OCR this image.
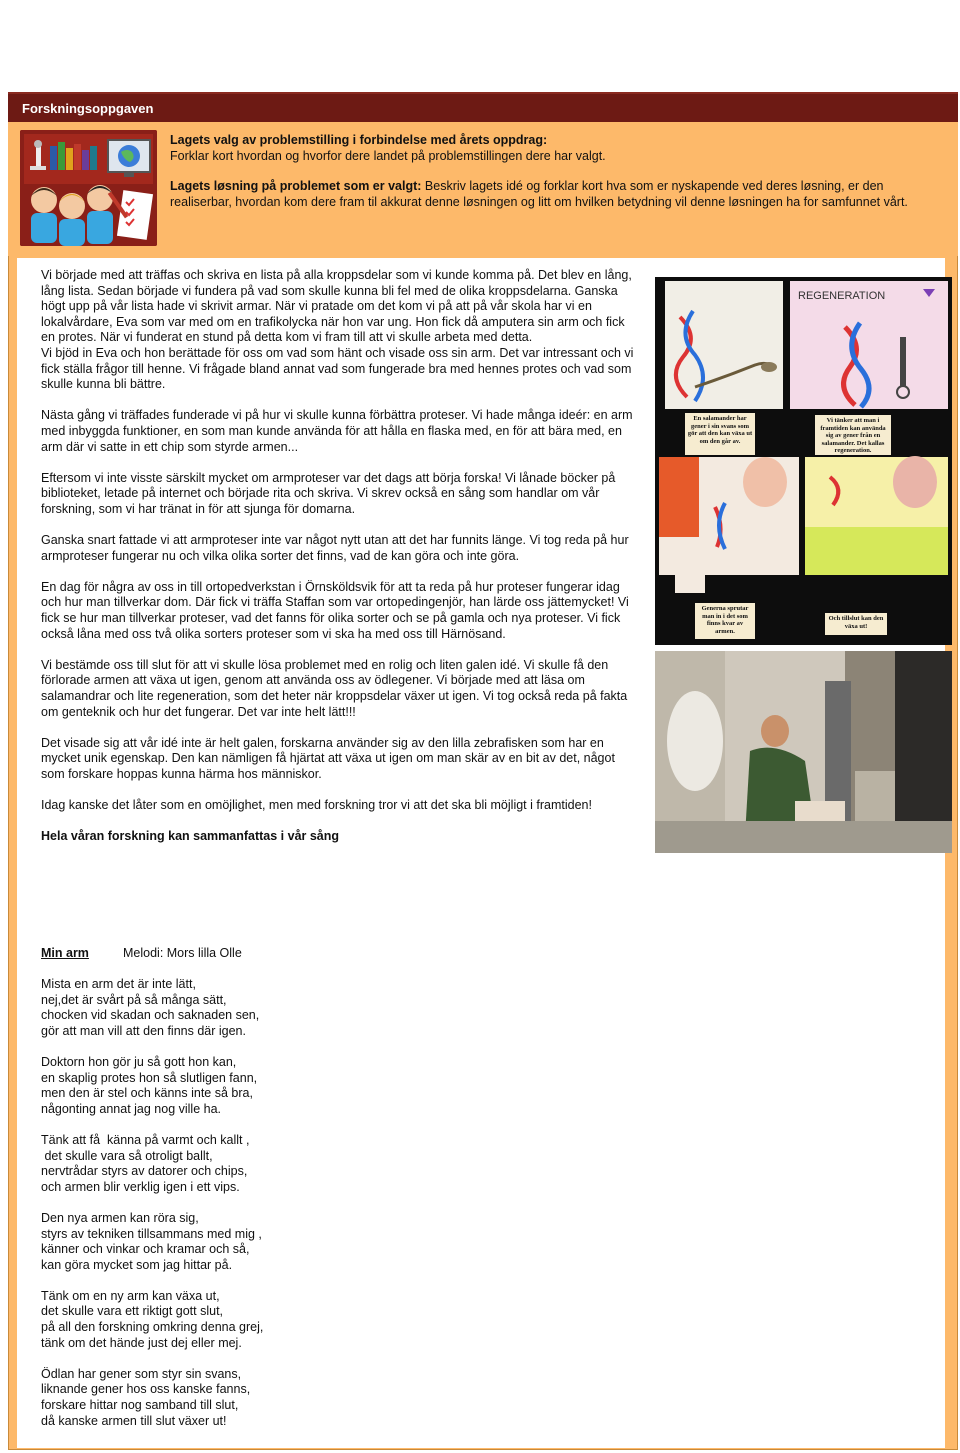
Forskningsoppgaven

Lagets valg av problemstilling i forbindelse med årets oppdrag:

Forklar kort hvordan og hvorfor dere landet på problemstillingen dere har valgt.

Lagets løsning på problemet som er valgt: Beskriv lagets idé og forklar kort hva som er nyskapende ved deres løsning, er den realiserbar, hvordan kom dere fram til akkurat denne løsningen og litt om hvilken betydning vil denne løsningen ha for samfunnet vårt.

Vi började med att träffas och skriva en lista på alla kroppsdelar som vi kunde komma på. Det blev en lång, lång lista. Sedan började vi fundera på vad som skulle kunna bli fel med de olika kroppsdelarna. Ganska högt upp på vår lista hade vi skrivit armar. När vi pratade om det kom vi på att på vår skola har vi en lokalvårdare, Eva som var med om en trafikolycka när hon var ung. Hon fick då amputera sin arm och fick en protes. När vi funderat en stund på detta kom vi fram till att vi skulle arbeta med detta.

Vi bjöd in Eva och hon berättade för oss om vad som hänt och visade oss sin arm. Det var intressant och vi fick ställa frågor till henne. Vi frågade bland annat vad som fungerade bra med hennes protes och vad som skulle kunna bli bättre.

Nästa gång vi träffades funderade vi på hur vi skulle kunna förbättra proteser. Vi hade många ideér: en arm med inbyggda funktioner, en som man kunde använda för att hålla en flaska med, en för att bära med, en arm där vi satte in ett chip som styrde armen...

Eftersom vi inte visste särskilt mycket om armproteser var det dags att börja forska! Vi lånade böcker på biblioteket, letade på internet och började rita och skriva. Vi skrev också en sång som handlar om vår forskning, som vi har tränat in för att sjunga för domarna.

Ganska snart fattade vi att armproteser inte var något nytt utan att det har funnits länge. Vi tog reda på hur armproteser fungerar nu och vilka olika sorter det finns, vad de kan göra och inte göra.

En dag för några av oss in till ortopedverkstan i Örnsköldsvik för att ta reda på hur proteser fungerar idag och hur man tillverkar dom. Där fick vi träffa Staffan som var ortopedingenjör, han lärde oss jättemycket! Vi fick se hur man tillverkar proteser, vad det fanns för olika sorter och se på gamla och nya proteser. Vi fick också låna med oss två olika sorters proteser som vi ska ha med oss till Härnösand.

Vi bestämde oss till slut för att vi skulle lösa problemet med en rolig och liten galen idé. Vi skulle få den förlorade armen att växa ut igen, genom att använda oss av ödlegener. Vi började med att läsa om salamandrar och lite regeneration, som det heter när kroppsdelar växer ut igen. Vi tog också reda på fakta om genteknik och hur det fungerar. Det var inte helt lätt!!!

Det visade sig att vår idé inte är helt galen, forskarna använder sig av den lilla zebrafisken som har en mycket unik egenskap. Den kan nämligen få hjärtat att växa ut igen om man skär av en bit av det, något som forskare hoppas kunna härma hos människor.

Idag kanske det låter som en omöjlighet, men med forskning tror vi att det ska bli möjligt i framtiden!

Hela våran forskning kan sammanfattas i vår sång

REGENERATION
En salamander har gener i sin svans som gör att den kan växa ut om den går av.
Vi tänker att man i framtiden kan använda sig av gener från en salamander. Det kallas regeneration.
Generna sprutar man in i det som finns kvar av armen.
Och tillslut kan den växa ut!
Min arm	Melodi: Mors lilla Olle
Mista en arm det är inte lätt,
nej,det är svårt på så många sätt,
chocken vid skadan och saknaden sen,
gör att man vill att den finns där igen.
Doktorn hon gör ju så gott hon kan,
en skaplig protes hon så slutligen fann,
men den är stel och känns inte så bra,
någonting annat jag nog ville ha.
Tänk att få  känna på varmt och kallt ,
det skulle vara så otroligt ballt,
nervtrådar styrs av datorer och chips,
och armen blir verklig igen i ett vips.
Den nya armen kan röra sig,
styrs av tekniken tillsammans med mig ,
känner och vinkar och kramar och så,
kan göra mycket som jag hittar på.
Tänk om en ny arm kan växa ut,
det skulle vara ett riktigt gott slut,
på all den forskning omkring denna grej,
tänk om det hände just dej eller mej.
Ödlan har gener som styr sin svans,
liknande gener hos oss kanske fanns,
forskare hittar nog samband till slut,
då kanske armen till slut växer ut!
